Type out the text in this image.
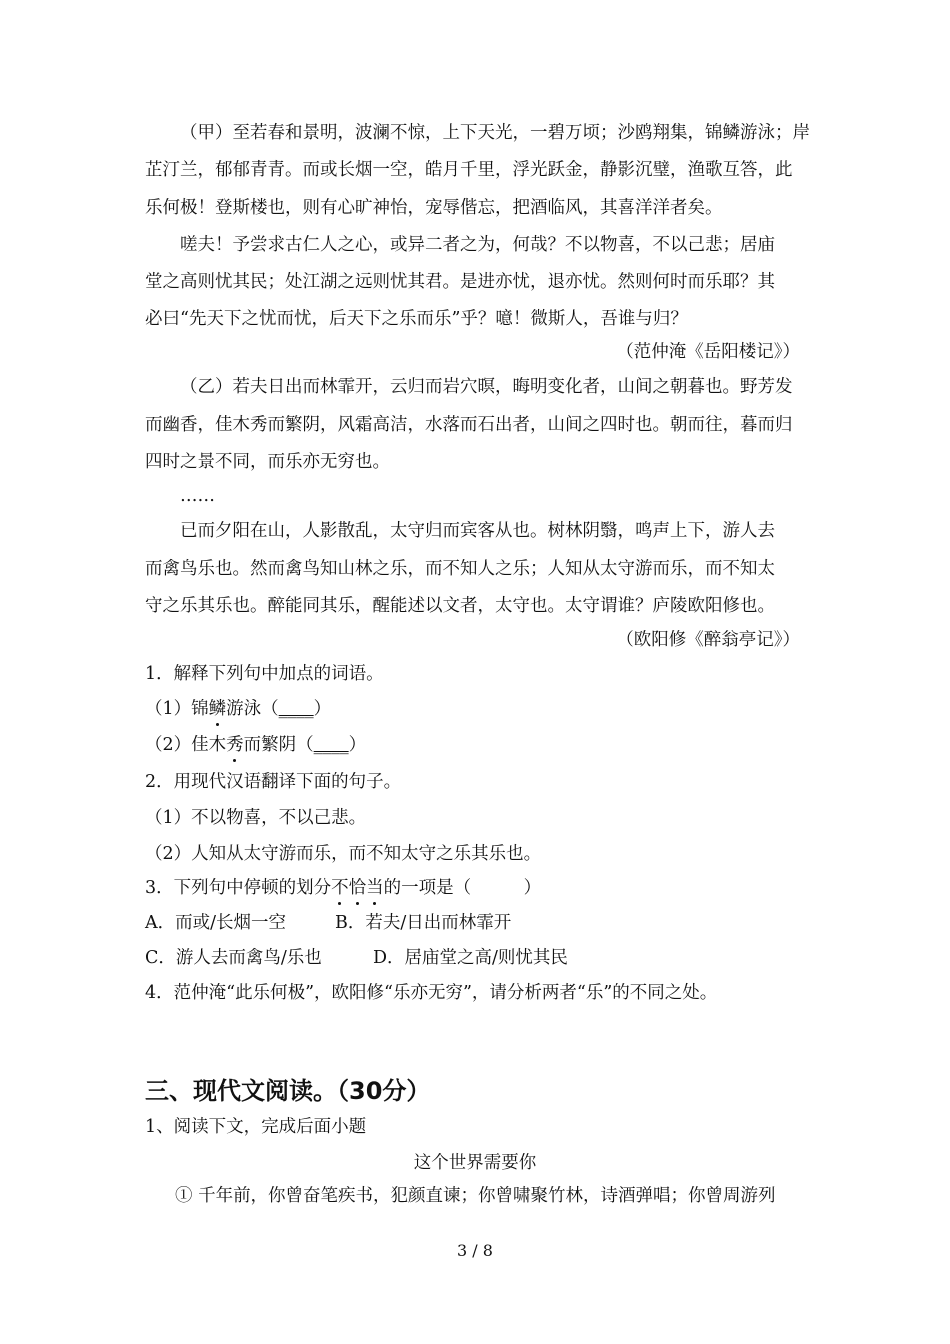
（甲）至若春和景明，波澜不惊，上下天光，一碧万顷；沙鸥翔集，锦鳞游泳；岸
芷汀兰，郁郁青青。而或长烟一空，皓月千里，浮光跃金，静影沉璧，渔歌互答，此
乐何极！登斯楼也，则有心旷神怡，宠辱偕忘，把酒临风，其喜洋洋者矣。
嗟夫！予尝求古仁人之心，或异二者之为，何哉？不以物喜，不以己悲；居庙
堂之高则忧其民；处江湖之远则忧其君。是进亦忧，退亦忧。然则何时而乐耶？其
必曰“先天下之忧而忧，后天下之乐而乐”乎？噫！微斯人，吾谁与归？
（范仲淹《岳阳楼记》）
（乙）若夫日出而林霏开，云归而岩穴暝，晦明变化者，山间之朝暮也。野芳发
而幽香，佳木秀而繁阴，风霜高洁，水落而石出者，山间之四时也。朝而往，暮而归
四时之景不同，而乐亦无穷也。
……
已而夕阳在山，人影散乱，太守归而宾客从也。树林阴翳，鸣声上下，游人去
而禽鸟乐也。然而禽鸟知山林之乐，而不知人之乐；人知从太守游而乐，而不知太
守之乐其乐也。醉能同其乐，醒能述以文者，太守也。太守谓谁？庐陵欧阳修也。
（欧阳修《醉翁亭记》）
1．解释下列句中加点的词语。
（1）锦鳞游泳（____）
（2）佳木秀而繁阴（____）
2．用现代汉语翻译下面的句子。
（1）不以物喜，不以己悲。
（2）人知从太守游而乐，而不知太守之乐其乐也。
3．下列句中停顿的划分不恰当的一项是（　　　）
A．而或/长烟一空	B．若夫/日出而林霏开
C．游人去而禽鸟/乐也	D．居庙堂之高/则忧其民
4．范仲淹“此乐何极”，欧阳修“乐亦无穷”，请分析两者“乐”的不同之处。
三、现代文阅读。（30分）
1、阅读下文，完成后面小题
这个世界需要你
① 千年前，你曾奋笔疾书，犯颜直谏；你曾啸聚竹林，诗酒弹唱；你曾周游列
3 / 8
